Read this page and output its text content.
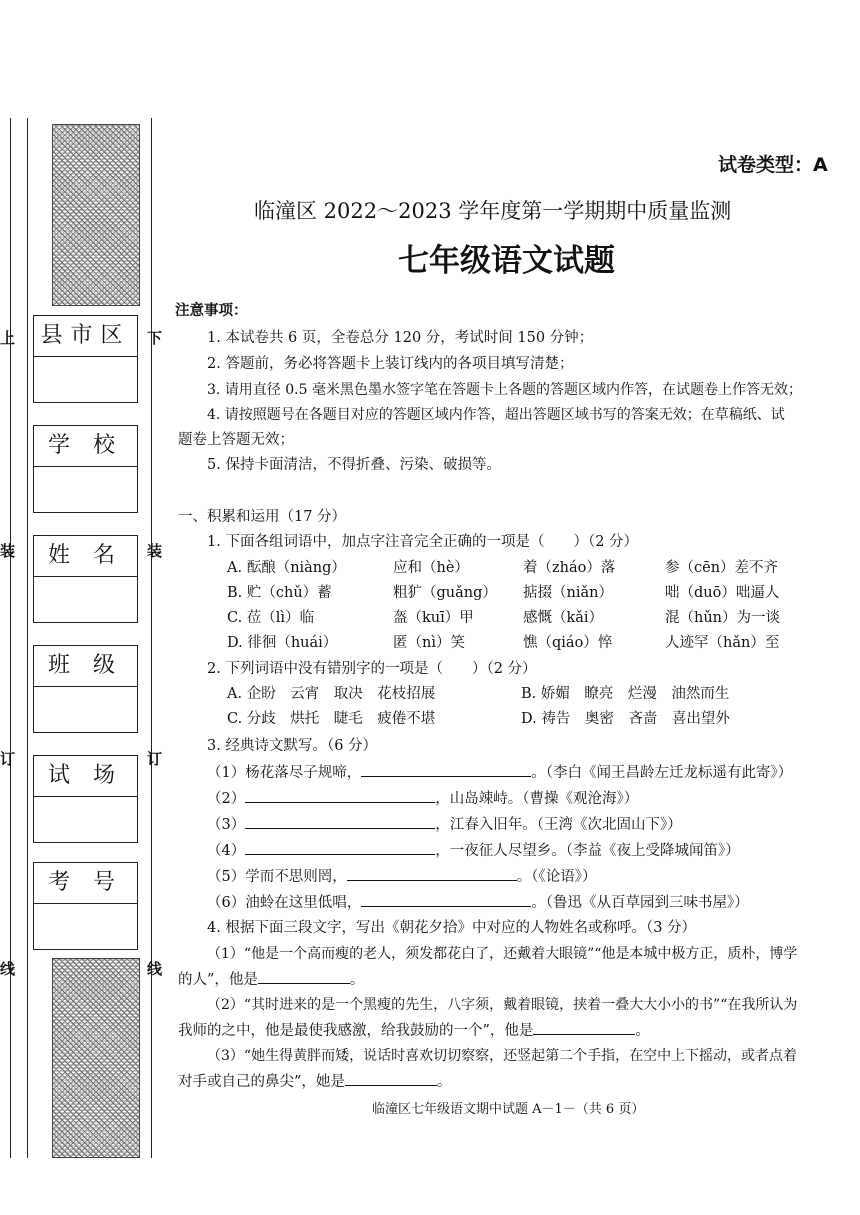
县市区
学 校
姓 名
班 级
试 场
考 号
上
装
订
线
下
装
订
线
试卷类型：A
临潼区 2022～2023 学年度第一学期期中质量监测
七年级语文试题
注意事项：
1. 本试卷共 6 页，全卷总分 120 分，考试时间 150 分钟；
2. 答题前，务必将答题卡上装订线内的各项目填写清楚；
3. 请用直径 0.5 毫米黑色墨水签字笔在答题卡上各题的答题区域内作答，在试题卷上作答无效；
4. 请按照题号在各题目对应的答题区域内作答，超出答题区域书写的答案无效；在草稿纸、试
题卷上答题无效；
5. 保持卡面清洁，不得折叠、污染、破损等。
一、积累和运用（17 分）
1. 下面各组词语中，加点字注音完全正确的一项是（　　）（2 分）
A. 酝酿（niàng）	应和（hè）	着（zháo）落	参（cēn）差不齐
B. 贮（chǔ）蓄	粗犷（guǎng） 掂掇（niǎn）	咄（duō）咄逼人
C. 莅（lì）临	盔（kuī）甲	感慨（kǎi）	混（hǔn）为一谈
D. 徘徊（huái）	匿（nì）笑	憔（qiáo）悴	人迹罕（hǎn）至
2. 下列词语中没有错别字的一项是（　　）（2 分）
A. 企盼　云宵　取决　花枝招展	B. 娇媚　瞭亮　烂漫　油然而生
C. 分歧　烘托　睫毛　疲倦不堪	D. 祷告　奥密　吝啬　喜出望外
3. 经典诗文默写。（6 分）
（1）杨花落尽子规啼，	。（李白《闻王昌龄左迁龙标遥有此寄》）
（2）	，山岛竦峙。（曹操《观沧海》）
（3）	，江春入旧年。（王湾《次北固山下》）
（4）	，一夜征人尽望乡。（李益《夜上受降城闻笛》）
（5）学而不思则罔，	。（《论语》）
（6）油蛉在这里低唱，	。（鲁迅《从百草园到三味书屋》）
4. 根据下面三段文字，写出《朝花夕拾》中对应的人物姓名或称呼。（3 分）
（1）“他是一个高而瘦的老人，须发都花白了，还戴着大眼镜”“他是本城中极方正，质朴，博学
的人”，他是	。
（2）“其时进来的是一个黑瘦的先生，八字须，戴着眼镜，挟着一叠大大小小的书”“在我所认为
我师的之中，他是最使我感激，给我鼓励的一个”，他是	。
（3）“她生得黄胖而矮，说话时喜欢切切察察，还竖起第二个手指，在空中上下摇动，或者点着
对手或自己的鼻尖”，她是	。
临潼区七年级语文期中试题 A－1－（共 6 页）
